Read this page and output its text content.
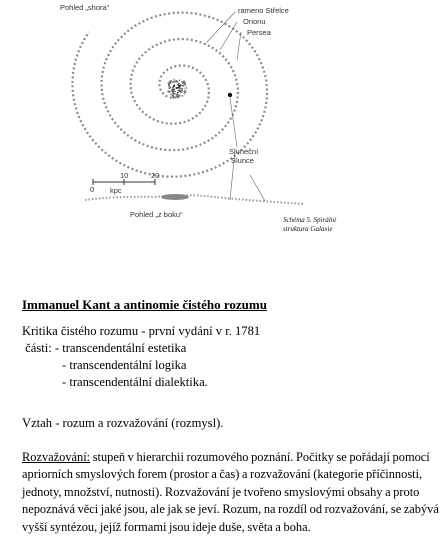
Pohled „shora“	rameno Střelce
Orionu
Persea
Sluneční
Slunce
0
10	20
kpc
Pohled „z boku“
Schéma 5. Spirální
struktura Galaxie
Immanuel Kant a antinomie čistého rozumu
Kritika čistého rozumu - první vydání v r. 1781
části: - transcendentální estetika
- transcendentální logika
- transcendentální dialektika.
Vztah - rozum a rozvažování (rozmysl).
Rozvažování: stupeň v hierarchii rozumového poznání. Počitky se pořádají pomocí apriorních smyslových forem (prostor a čas) a rozvažování (kategorie příčinnosti, jednoty, množství, nutnosti). Rozvažování je tvořeno smyslovými obsahy a proto nepoznává věci jaké jsou, ale jak se jeví. Rozum, na rozdíl od rozvažování, se zabývá vyšší syntézou, jejíž formami jsou ideje duše, světa a boha.
